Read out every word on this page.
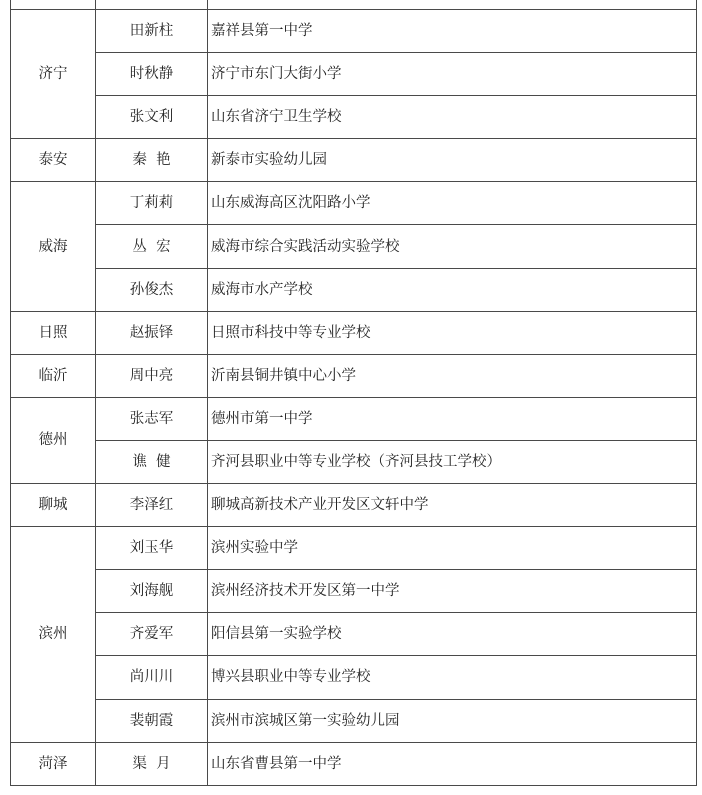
济宁	田新柱	嘉祥县第一中学
	时秋静	济宁市东门大街小学
	张文利	山东省济宁卫生学校
泰安	秦  艳	新泰市实验幼儿园
威海	丁莉莉	山东威海高区沈阳路小学
	丛  宏	威海市综合实践活动实验学校
	孙俊杰	威海市水产学校
日照	赵振铎	日照市科技中等专业学校
临沂	周中亮	沂南县铜井镇中心小学
德州	张志军	德州市第一中学
	谯  健	齐河县职业中等专业学校（齐河县技工学校）
聊城	李泽红	聊城高新技术产业开发区文轩中学
滨州	刘玉华	滨州实验中学
	刘海舰	滨州经济技术开发区第一中学
	齐爱军	阳信县第一实验学校
	尚川川	博兴县职业中等专业学校
	裴朝霞	滨州市滨城区第一实验幼儿园
菏泽	渠  月	山东省曹县第一中学
